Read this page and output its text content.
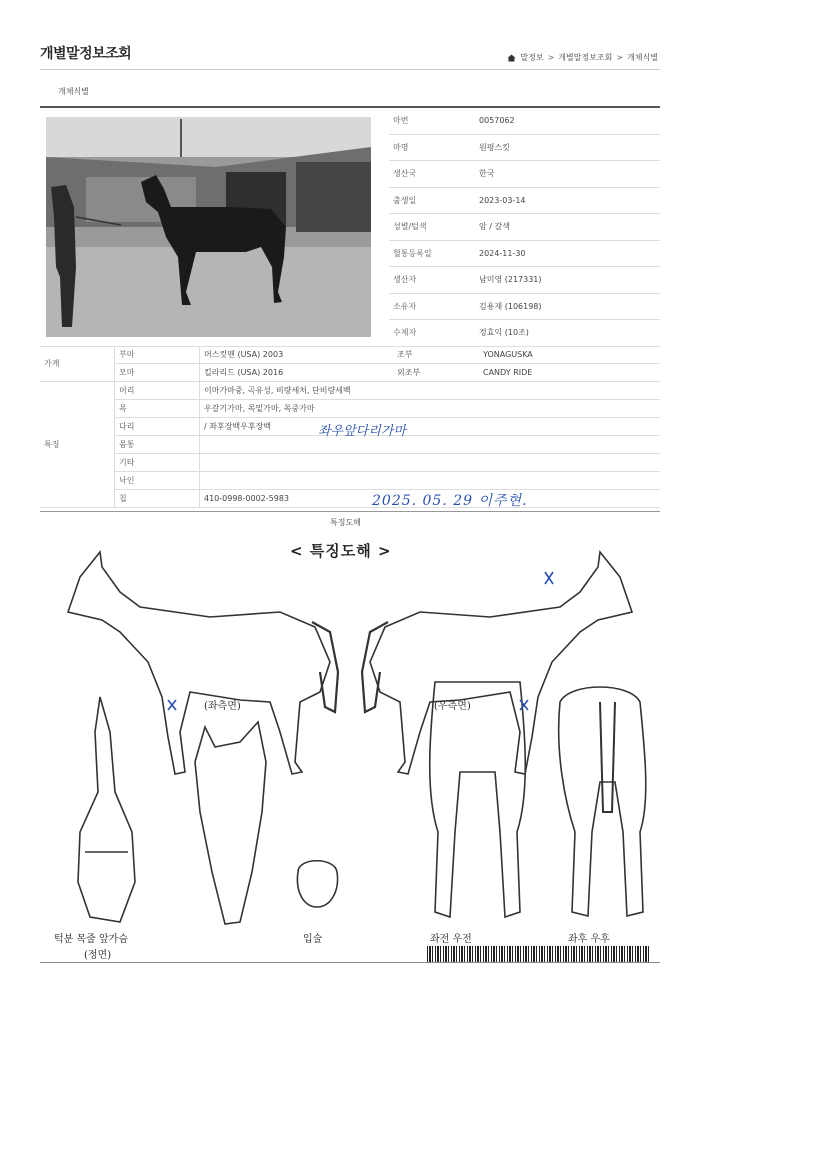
개별말정보조회	말정보 > 개별말정보조회 > 개체식별
개체식별
	마번	0057062
	마명	원평스킷
	생산국	한국
	출생일	2023-03-14
	성별/털색	암 / 갈색
	혈통등록일	2024-11-30
	생산자	남미영 (217331)
	소유자	김용재 (106198)
	수제자	정효익 (10조)
가계	부마	머스킷맨 (USA) 2003	조부	YONAGUSKA
	모마	킬라리드 (USA) 2016	외조부	CANDY RIDE
특징	머리	이마가마중, 곡유성, 비량세처, 단비량세백		
	목	우갈기가마, 목밑가마, 목중가마		
	다리	/ 좌후장백우후장백		
	몸통			
	기타			
	낙인			
	칩	410-0998-0002-5983		
좌우앞다리가마
2025. 05. 29 이주현.
특징도해
< 특징도해 >
(좌측면)	(우측면)
턱분 목줄 앞가슴
(정면)
입술	좌전 우전	좌후 우후
